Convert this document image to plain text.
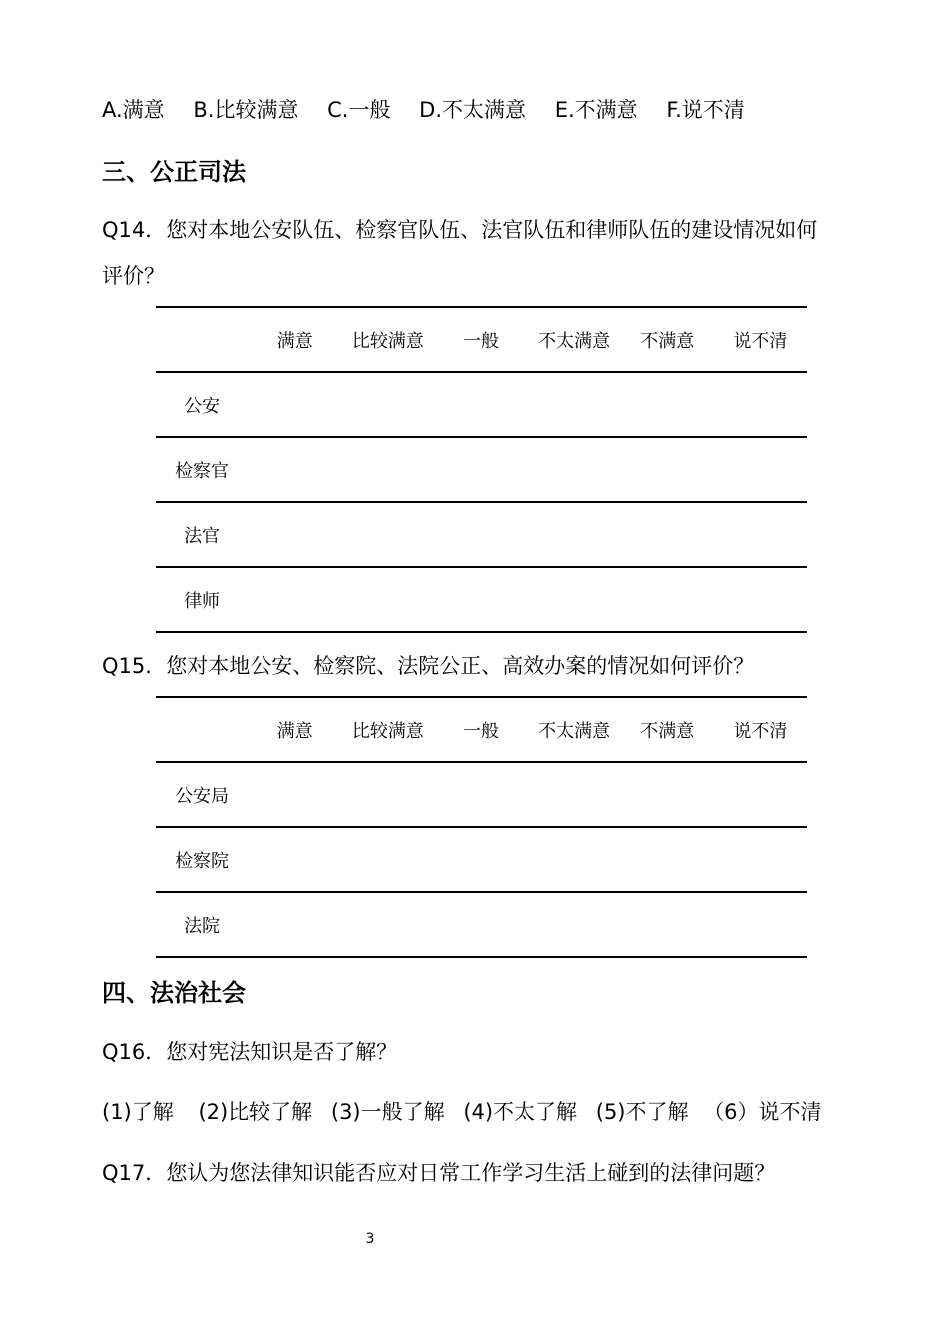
A.满意 B.比较满意 C.一般 D.不太满意 E.不满意 F.说不清
三、公正司法
Q14．您对本地公安队伍、检察官队伍、法官队伍和律师队伍的建设情况如何
评价？
	满意	比较满意	一般	不太满意	不满意	说不清
公安						
检察官						
法官						
律师						
Q15．您对本地公安、检察院、法院公正、高效办案的情况如何评价？
	满意	比较满意	一般	不太满意	不满意	说不清
公安局						
检察院						
法院						
四、法治社会
Q16．您对宪法知识是否了解？
(1)了解 (2)比较了解 (3)一般了解 (4)不太了解 (5)不了解 （6）说不清
Q17．您认为您法律知识能否应对日常工作学习生活上碰到的法律问题？
3
